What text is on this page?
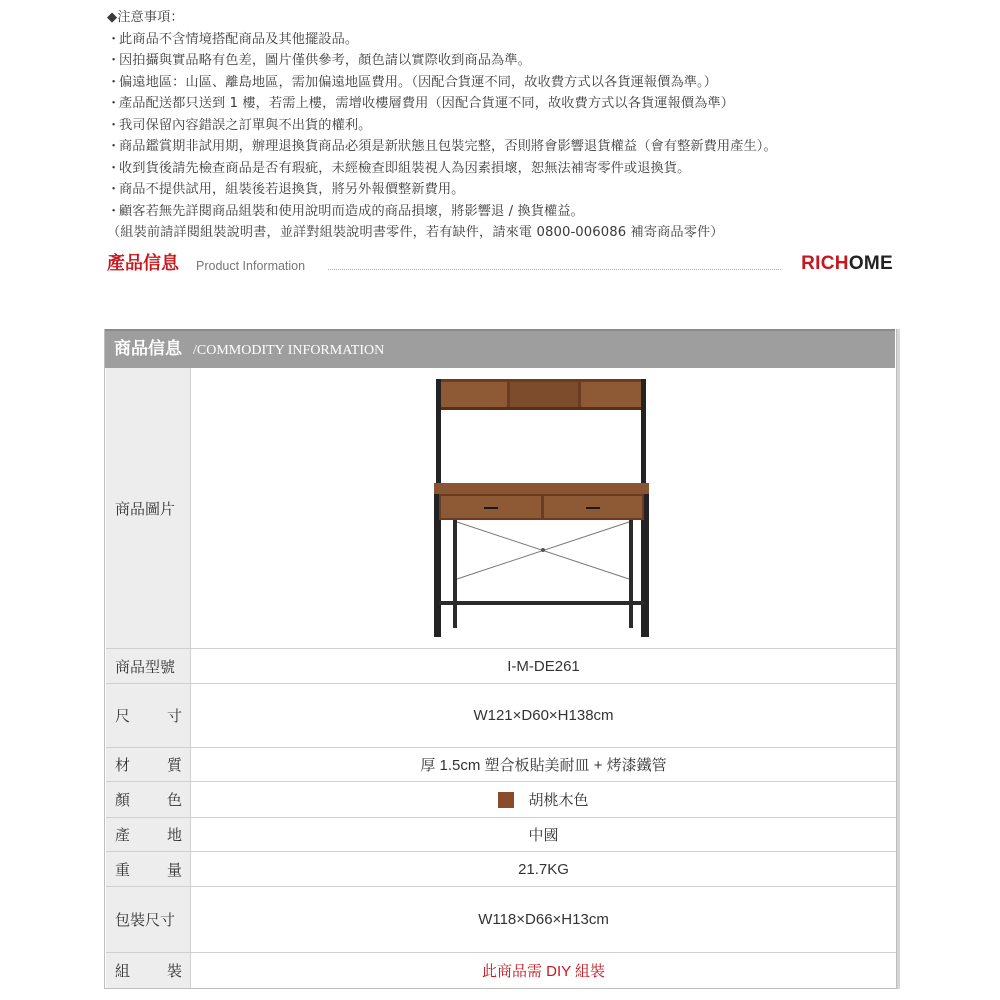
◆注意事項：
・此商品不含情境搭配商品及其他擺設品。
・因拍攝與實品略有色差，圖片僅供參考，顏色請以實際收到商品為準。
・偏遠地區：山區、離島地區，需加偏遠地區費用。（因配合貨運不同，故收費方式以各貨運報價為準。）
・產品配送都只送到 1 樓，若需上樓，需增收樓層費用（因配合貨運不同，故收費方式以各貨運報價為準）
・我司保留內容錯誤之訂單與不出貨的權利。
・商品鑑賞期非試用期，辦理退換貨商品必須是新狀態且包裝完整，否則將會影響退貨權益（會有整新費用產生）。
・收到貨後請先檢查商品是否有瑕疵，未經檢查即組裝視人為因素損壞，恕無法補寄零件或退換貨。
・商品不提供試用，組裝後若退換貨，將另外報價整新費用。
・顧客若無先詳閱商品組裝和使用說明而造成的商品損壞，將影響退 / 換貨權益。
（組裝前請詳閱組裝說明書，並詳對組裝說明書零件，若有缺件，請來電 0800-006086 補寄商品零件）
產品信息 Product Information	RICHOME
商品信息 /COMMODITY INFORMATION
商品圖片
商品型號	I-M-DE261
尺 寸	W121×D60×H138cm
材 質	厚 1.5cm 塑合板貼美耐皿 + 烤漆鐵管
顏 色	胡桃木色
產 地	中國
重 量	21.7KG
包裝尺寸	W118×D66×H13cm
組 裝	此商品需 DIY 組裝
